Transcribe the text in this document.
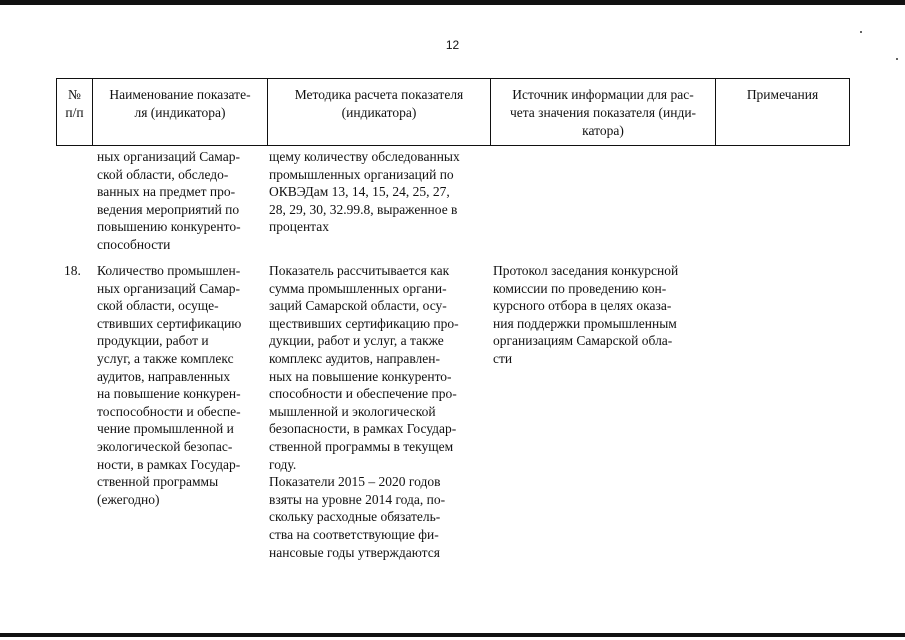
12
№
п/п
Наименование показате-
ля (индикатора)
Методика расчета показателя
(индикатора)
Источник информации для рас-
чета значения показателя (инди-
катора)
Примечания
ных организаций Самар-
ской области, обследо-
ванных на предмет про-
ведения мероприятий по
повышению конкуренто-
способности
щему количеству обследованных
промышленных организаций по
ОКВЭДам 13, 14, 15, 24, 25, 27,
28, 29, 30, 32.99.8, выраженное в
процентах
18. Количество промышлен-
ных организаций Самар-
ской области, осуще-
ствивших сертификацию
продукции, работ и
услуг, а также комплекс
аудитов, направленных
на повышение конкурен-
тоспособности и обеспе-
чение промышленной и
экологической безопас-
ности, в рамках Государ-
ственной программы
(ежегодно)
Показатель рассчитывается как
сумма промышленных органи-
заций Самарской области, осу-
ществивших сертификацию про-
дукции, работ и услуг, а также
комплекс аудитов, направлен-
ных на повышение конкуренто-
способности и обеспечение про-
мышленной и экологической
безопасности, в рамках Государ-
ственной программы в текущем
году.
Показатели 2015 – 2020 годов
взяты на уровне 2014 года, по-
скольку расходные обязатель-
ства на соответствующие фи-
нансовые годы утверждаются
Протокол заседания конкурсной
комиссии по проведению кон-
курсного отбора в целях оказа-
ния поддержки промышленным
организациям Самарской обла-
сти
